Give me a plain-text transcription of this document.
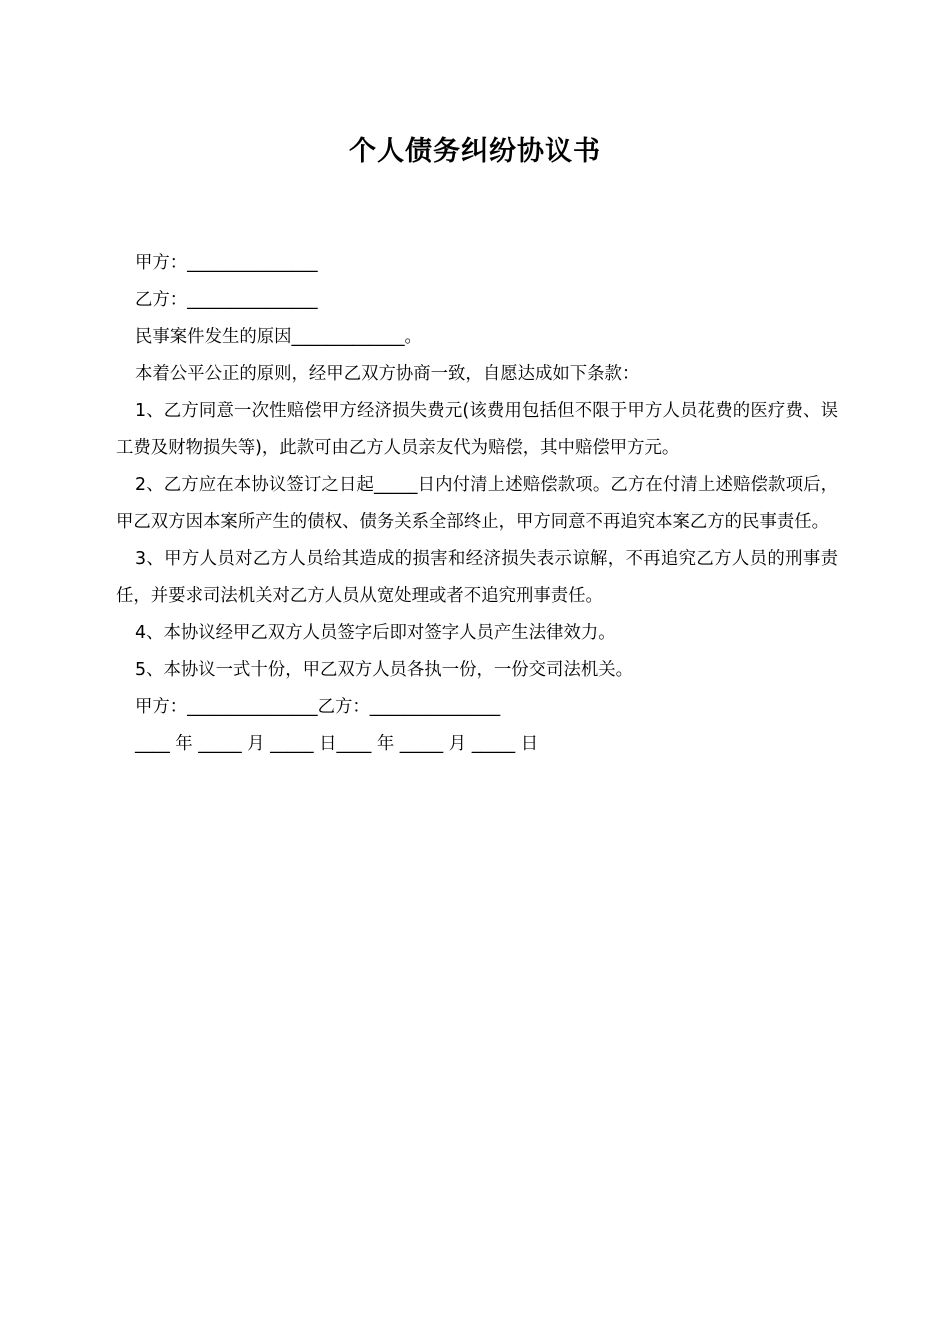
个人债务纠纷协议书

甲方：_______________

乙方：_______________

民事案件发生的原因_____________。

本着公平公正的原则，经甲乙双方协商一致，自愿达成如下条款：

1、乙方同意一次性赔偿甲方经济损失费元(该费用包括但不限于甲方人员花费的医疗费、误工费及财物损失等)，此款可由乙方人员亲友代为赔偿，其中赔偿甲方元。

2、乙方应在本协议签订之日起_____日内付清上述赔偿款项。乙方在付清上述赔偿款项后，甲乙双方因本案所产生的债权、债务关系全部终止，甲方同意不再追究本案乙方的民事责任。

3、甲方人员对乙方人员给其造成的损害和经济损失表示谅解，不再追究乙方人员的刑事责任，并要求司法机关对乙方人员从宽处理或者不追究刑事责任。

4、本协议经甲乙双方人员签字后即对签字人员产生法律效力。

5、本协议一式十份，甲乙双方人员各执一份，一份交司法机关。

甲方：_______________乙方：_______________

____ 年 _____ 月 _____ 日____ 年 _____ 月 _____ 日
